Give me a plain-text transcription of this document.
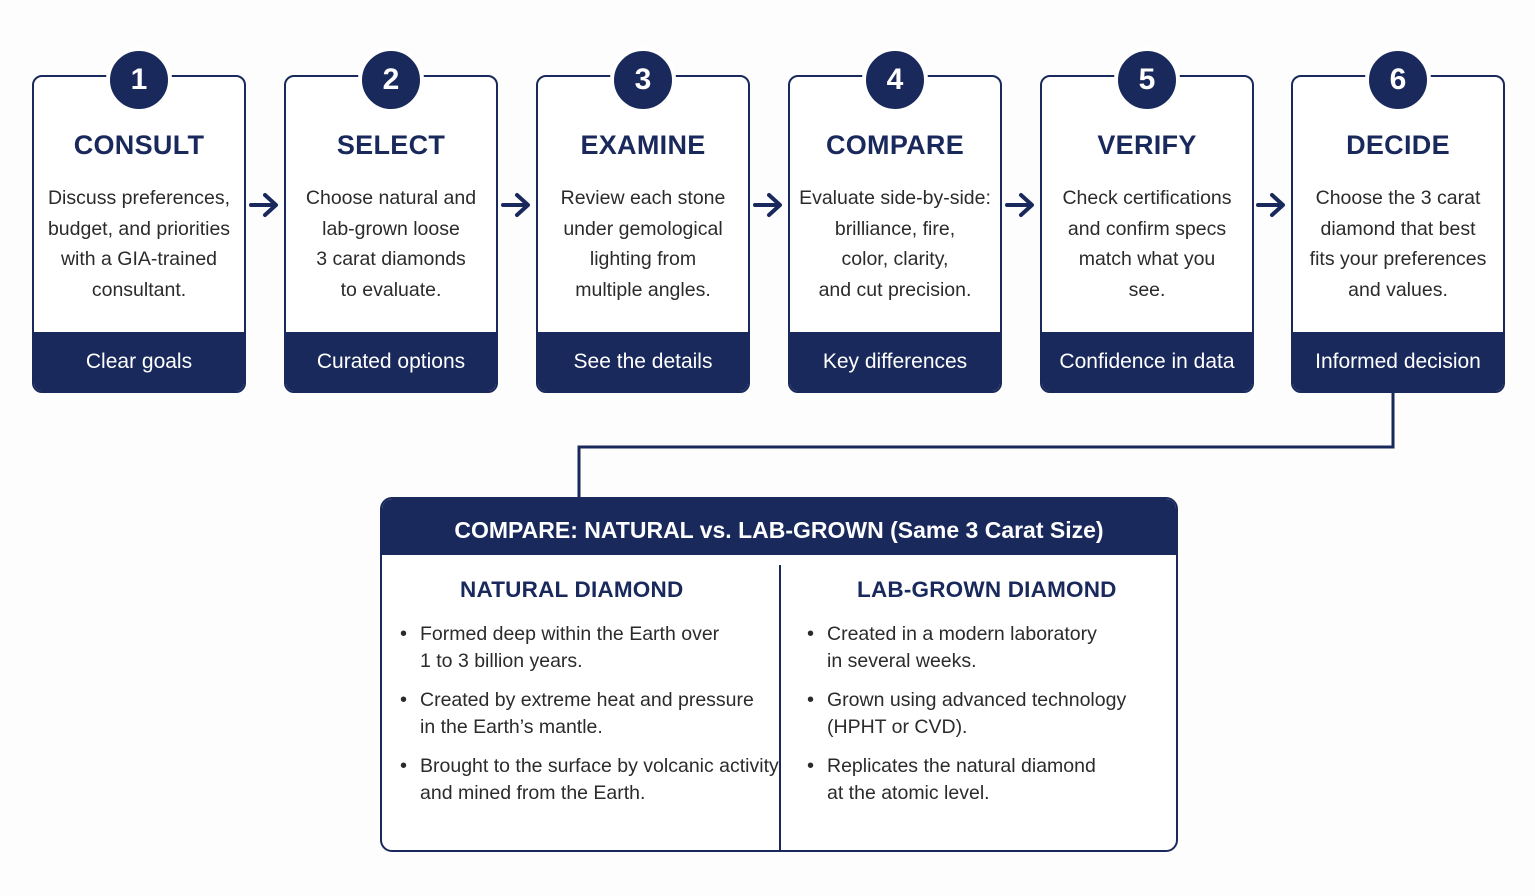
1
CONSULT
Discuss preferences,
budget, and priorities
with a GIA-trained
consultant.
Clear goals
2
SELECT
Choose natural and
lab-grown loose
3 carat diamonds
to evaluate.
Curated options
3
EXAMINE
Review each stone
under gemological
lighting from
multiple angles.
See the details
4
COMPARE
Evaluate side-by-side:
brilliance, fire,
color, clarity,
and cut precision.
Key differences
5
VERIFY
Check certifications
and confirm specs
match what you
see.
Confidence in data
6
DECIDE
Choose the 3 carat
diamond that best
fits your preferences
and values.
Informed decision
COMPARE: NATURAL vs. LAB-GROWN (Same 3 Carat Size)
NATURAL DIAMOND
• Formed deep within the Earth over
1 to 3 billion years.
• Created by extreme heat and pressure
in the Earth’s mantle.
• Brought to the surface by volcanic activity
and mined from the Earth.
LAB-GROWN DIAMOND
• Created in a modern laboratory
in several weeks.
• Grown using advanced technology
(HPHT or CVD).
• Replicates the natural diamond
at the atomic level.
